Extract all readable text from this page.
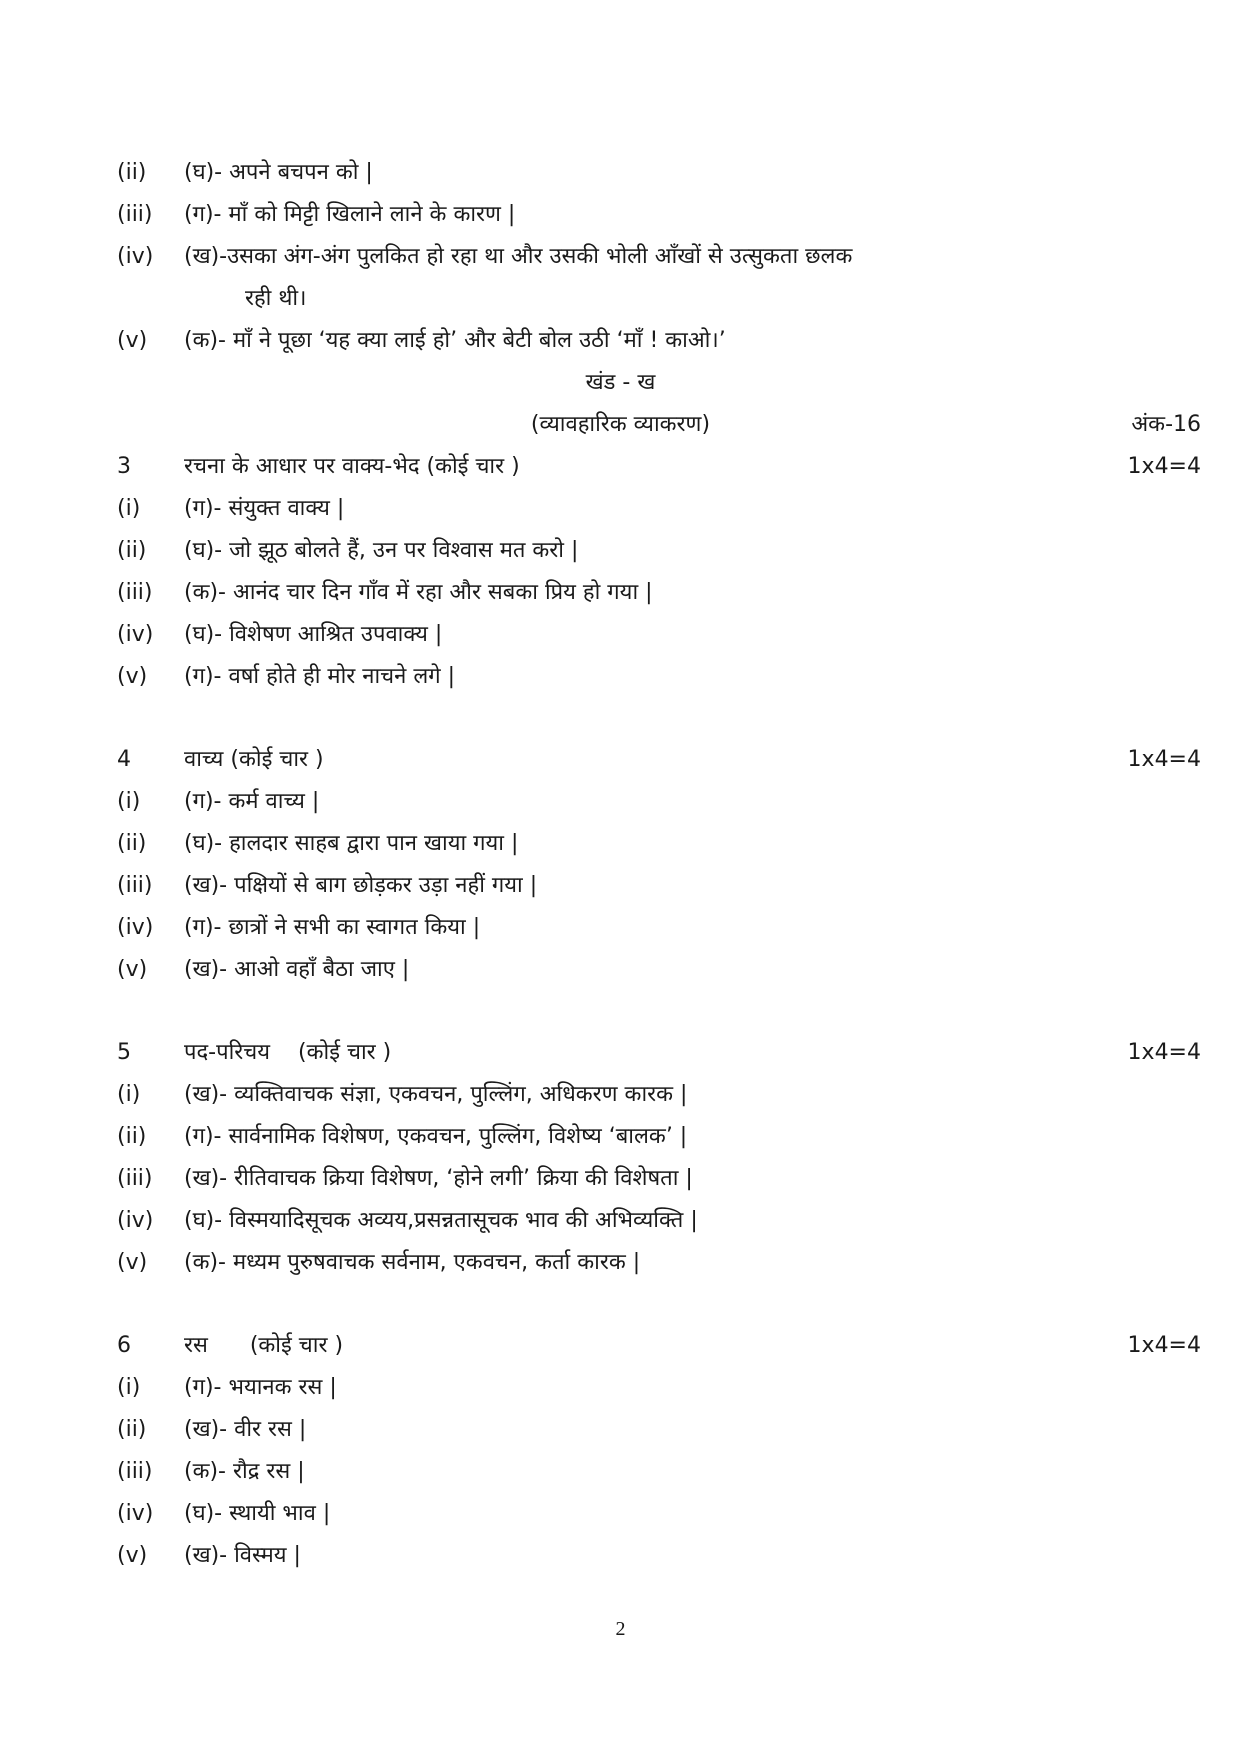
(ii) (घ)- अपने बचपन को |
(iii) (ग)- माँ को मिट्टी खिलाने लाने के कारण |
(iv) (ख)-उसका अंग-अंग पुलकित हो रहा था और उसकी भोली आँखों से उत्सुकता छलक
रही थी।
(v) (क)- माँ ने पूछा ‘यह क्या लाई हो’ और बेटी बोल उठी ‘माँ ! काओ।’
खंड - ख
(व्यावहारिक व्याकरण)	अंक-16
3 रचना के आधार पर वाक्य-भेद (कोई चार )	1x4=4
(i) (ग)- संयुक्त वाक्य |
(ii) (घ)- जो झूठ बोलते हैं, उन पर विश्वास मत करो |
(iii) (क)- आनंद चार दिन गाँव में रहा और सबका प्रिय हो गया |
(iv) (घ)- विशेषण आश्रित उपवाक्य |
(v) (ग)- वर्षा होते ही मोर नाचने लगे |
4 वाच्य (कोई चार )	1x4=4
(i) (ग)- कर्म वाच्य |
(ii) (घ)- हालदार साहब द्वारा पान खाया गया |
(iii) (ख)- पक्षियों से बाग छोड़कर उड़ा नहीं गया |
(iv) (ग)- छात्रों ने सभी का स्वागत किया |
(v) (ख)- आओ वहाँ बैठा जाए |
5 पद-परिचय    (कोई चार )	1x4=4
(i) (ख)- व्यक्तिवाचक संज्ञा, एकवचन, पुल्लिंग, अधिकरण कारक |
(ii) (ग)- सार्वनामिक विशेषण, एकवचन, पुल्लिंग, विशेष्य ‘बालक’ |
(iii) (ख)- रीतिवाचक क्रिया विशेषण, ‘होने लगी’ क्रिया की विशेषता |
(iv) (घ)- विस्मयादिसूचक अव्यय,प्रसन्नतासूचक भाव की अभिव्यक्ति |
(v) (क)- मध्यम पुरुषवाचक सर्वनाम, एकवचन, कर्ता कारक |
6 रस      (कोई चार )	1x4=4
(i) (ग)- भयानक रस |
(ii) (ख)- वीर रस |
(iii) (क)- रौद्र रस |
(iv) (घ)- स्थायी भाव |
(v) (ख)- विस्मय |
2
